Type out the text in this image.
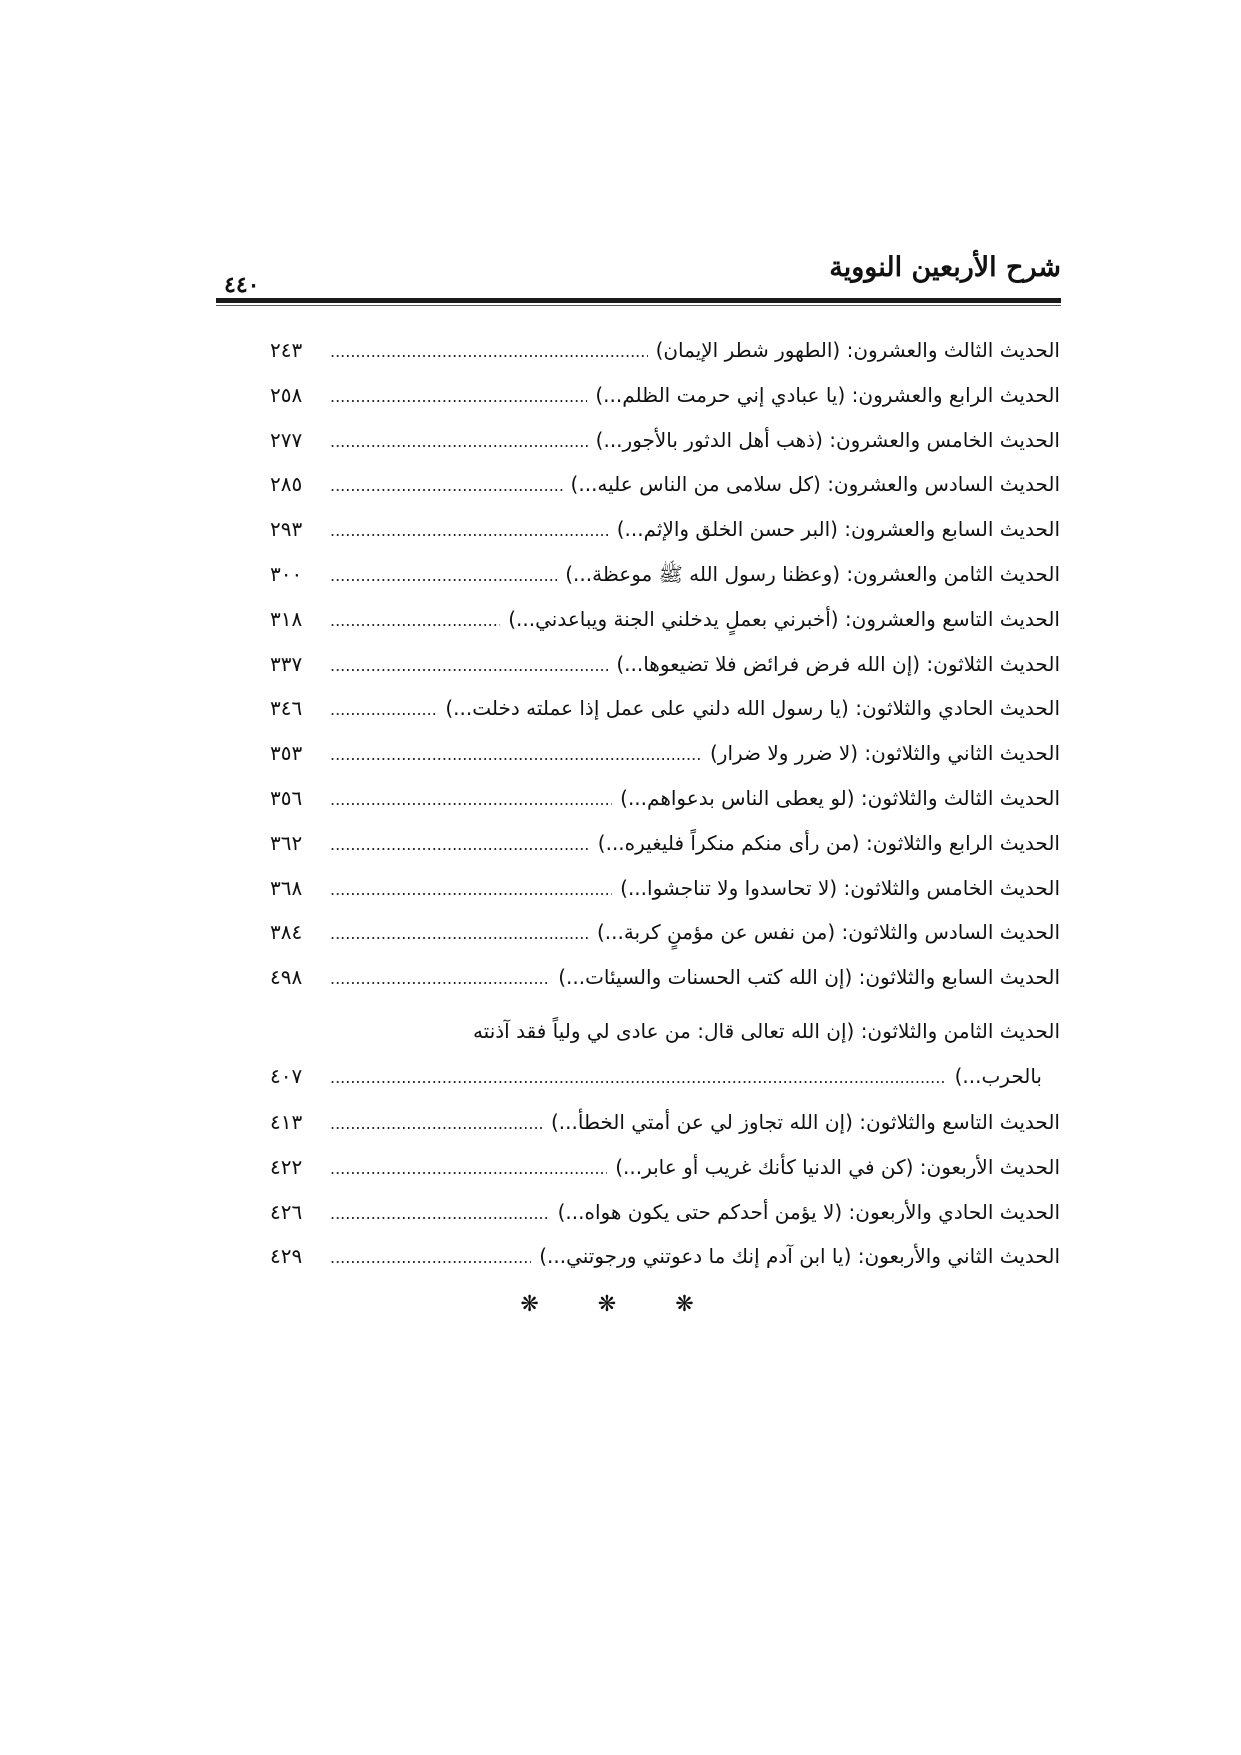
شرح الأربعين النووية
٤٤٠
الحديث الثالث والعشرون: (الطهور شطر الإيمان)
.....
٢٤٣
الحديث الرابع والعشرون: (يا عبادي إني حرمت الظلم...)
.....
٢٥٨
الحديث الخامس والعشرون: (ذهب أهل الدثور بالأجور...)
.....
٢٧٧
الحديث السادس والعشرون: (كل سلامى من الناس عليه...)
.....
٢٨٥
الحديث السابع والعشرون: (البر حسن الخلق والإثم...)
.....
٢٩٣
الحديث الثامن والعشرون: (وعظنا رسول الله ﷺ موعظة...)
.....
٣٠٠
الحديث التاسع والعشرون: (أخبرني بعملٍ يدخلني الجنة ويباعدني...)
.....
٣١٨
الحديث الثلاثون: (إن الله فرض فرائض فلا تضيعوها...)
.....
٣٣٧
الحديث الحادي والثلاثون: (يا رسول الله دلني على عمل إذا عملته دخلت...)
.....
٣٤٦
الحديث الثاني والثلاثون: (لا ضرر ولا ضرار)
.....
٣٥٣
الحديث الثالث والثلاثون: (لو يعطى الناس بدعواهم...)
.....
٣٥٦
الحديث الرابع والثلاثون: (من رأى منكم منكراً فليغيره...)
.....
٣٦٢
الحديث الخامس والثلاثون: (لا تحاسدوا ولا تناجشوا...)
.....
٣٦٨
الحديث السادس والثلاثون: (من نفس عن مؤمنٍ كربة...)
.....
٣٨٤
الحديث السابع والثلاثون: (إن الله كتب الحسنات والسيئات...)
.....
٤٩٨
الحديث الثامن والثلاثون: (إن الله تعالى قال: من عادى لي ولياً فقد آذنته
بالحرب...)
.....
٤٠٧
الحديث التاسع والثلاثون: (إن الله تجاوز لي عن أمتي الخطأ...)
.....
٤١٣
الحديث الأربعون: (كن في الدنيا كأنك غريب أو عابر...)
.....
٤٢٢
الحديث الحادي والأربعون: (لا يؤمن أحدكم حتى يكون هواه...)
.....
٤٢٦
الحديث الثاني والأربعون: (يا ابن آدم إنك ما دعوتني ورجوتني...)
.....
٤٢٩
❋ ❋ ❋
